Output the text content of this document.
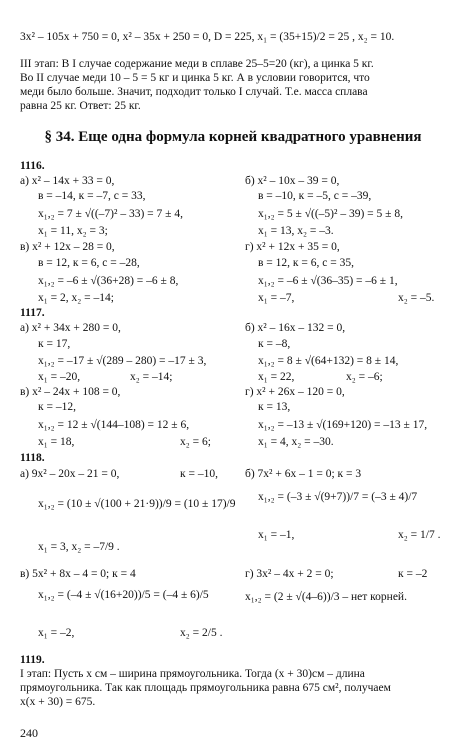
3x² – 105x + 750 = 0, x² – 35x + 250 = 0, D = 225, x₁ = (35+15)/2 = 25 , x₂ = 10.
III этап: В I случае содержание меди в сплаве 25–5=20 (кг), а цинка 5 кг.
Во II случае меди 10 – 5 = 5 кг и цинка 5 кг. А в условии говорится, что
меди было больше. Значит, подходит только I случай. Т.е. масса сплава
равна 25 кг. Ответ: 25 кг.
§ 34. Еще одна формула корней квадратного уравнения
1116.
а) x² – 14x + 33 = 0,
в = –14, к = –7, с = 33,
x₁,₂ = 7 ± √((–7)² – 33) = 7 ± 4,
x₁ = 11, x₂ = 3;
б) x² – 10x – 39 = 0,
в = –10, к = –5, с = –39,
x₁,₂ = 5 ± √((–5)² – 39) = 5 ± 8,
x₁ = 13, x₂ = –3.
в) x² + 12x – 28 = 0,
в = 12, к = 6, с = –28,
x₁,₂ = –6 ± √(36+28) = –6 ± 8,
x₁ = 2, x₂ = –14;
г) x² + 12x + 35 = 0,
в = 12, к = 6, с = 35,
x₁,₂ = –6 ± √(36–35) = –6 ± 1,
x₁ = –7,	x₂ = –5.
1117.
а) x² + 34x + 280 = 0,
к = 17,
x₁,₂ = –17 ± √(289 – 280) = –17 ± 3,
x₁ = –20,	x₂ = –14;
б) x² – 16x – 132 = 0,
к = –8,
x₁,₂ = 8 ± √(64+132) = 8 ± 14,
x₁ = 22,	x₂ = –6;
в) x² – 24x + 108 = 0,
к = –12,
x₁,₂ = 12 ± √(144–108) = 12 ± 6,
x₁ = 18,	x₂ = 6;
г) x² + 26x – 120 = 0,
к = 13,
x₁,₂ = –13 ± √(169+120) = –13 ± 17,
x₁ = 4, x₂ = –30.
1118.
а) 9x² – 20x – 21 = 0,	к = –10,
x₁,₂ = (10 ± √(100 + 21·9))/9 = (10 ± 17)/9
x₁ = 3, x₂ = –7/9 .
б) 7x² + 6x – 1 = 0; к = 3
x₁,₂ = (–3 ± √(9+7))/7 = (–3 ± 4)/7
x₁ = –1,	x₂ = 1/7 .
в) 5x² + 8x – 4 = 0; к = 4
x₁,₂ = (–4 ± √(16+20))/5 = (–4 ± 6)/5
x₁ = –2,	x₂ = 2/5 .
г) 3x² – 4x + 2 = 0;	к = –2
x₁,₂ = (2 ± √(4–6))/3 – нет корней.
1119.
I этап: Пусть x см – ширина прямоугольника. Тогда (x + 30)см – длина
прямоугольника. Так как площадь прямоугольника равна 675 см², получаем
x(x + 30) = 675.
240
